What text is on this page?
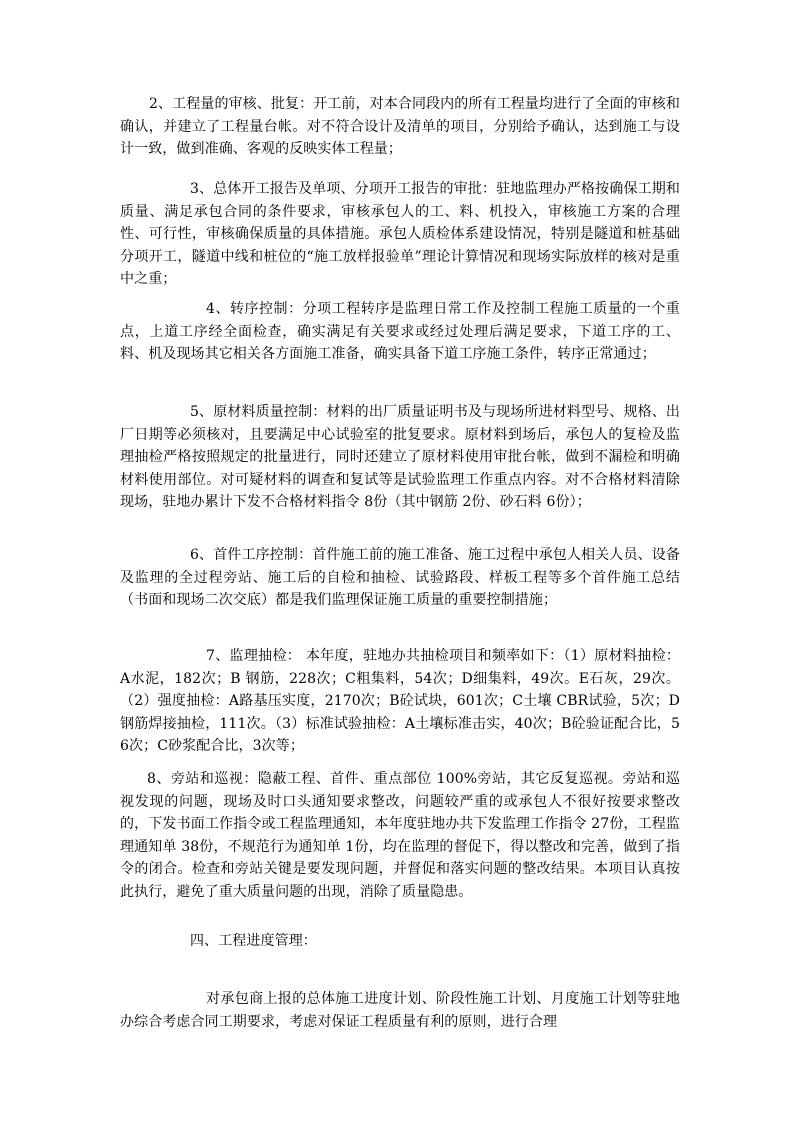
2、工程量的审核、批复：开工前，对本合同段内的所有工程量均进行了全面的审核和确认，并建立了工程量台帐。对不符合设计及清单的项目，分别给予确认，达到施工与设计一致，做到准确、客观的反映实体工程量；

3、总体开工报告及单项、分项开工报告的审批：驻地监理办严格按确保工期和质量、满足承包合同的条件要求，审核承包人的工、料、机投入，审核施工方案的合理性、可行性，审核确保质量的具体措施。承包人质检体系建设情况，特别是隧道和桩基础分项开工，隧道中线和桩位的“施工放样报验单”理论计算情况和现场实际放样的核对是重中之重；

4、转序控制：分项工程转序是监理日常工作及控制工程施工质量的一个重点，上道工序经全面检查，确实满足有关要求或经过处理后满足要求，下道工序的工、料、机及现场其它相关各方面施工准备，确实具备下道工序施工条件，转序正常通过；

5、原材料质量控制：材料的出厂质量证明书及与现场所进材料型号、规格、出厂日期等必须核对，且要满足中心试验室的批复要求。原材料到场后，承包人的复检及监理抽检严格按照规定的批量进行，同时还建立了原材料使用审批台帐，做到不漏检和明确材料使用部位。对可疑材料的调查和复试等是试验监理工作重点内容。对不合格材料清除现场，驻地办累计下发不合格材料指令 8份（其中钢筋 2份、砂石料 6份）；

6、首件工序控制：首件施工前的施工准备、施工过程中承包人相关人员、设备及监理的全过程旁站、施工后的自检和抽检、试验路段、样板工程等多个首件施工总结（书面和现场二次交底）都是我们监理保证施工质量的重要控制措施；

7、监理抽检： 本年度，驻地办共抽检项目和频率如下：（1）原材料抽检：A水泥，182次；B 钢筋，228次；C粗集料，54次；D细集料，49次。E石灰，29次。（2）强度抽检：A路基压实度，2170次；B砼试块，601次；C土壤 CBR试验，5次；D钢筋焊接抽检，111次。（3）标准试验抽检：A土壤标准击实，40次；B砼验证配合比，56次；C砂浆配合比，3次等；

8、旁站和巡视：隐蔽工程、首件、重点部位 100%旁站，其它反复巡视。旁站和巡视发现的问题，现场及时口头通知要求整改，问题较严重的或承包人不很好按要求整改的，下发书面工作指令或工程监理通知，本年度驻地办共下发监理工作指令 27份，工程监理通知单 38份，不规范行为通知单 1份，均在监理的督促下，得以整改和完善，做到了指令的闭合。检查和旁站关键是要发现问题，并督促和落实问题的整改结果。本项目认真按此执行，避免了重大质量问题的出现，消除了质量隐患。

四、工程进度管理：

对承包商上报的总体施工进度计划、阶段性施工计划、月度施工计划等驻地办综合考虑合同工期要求，考虑对保证工程质量有利的原则，进行合理
